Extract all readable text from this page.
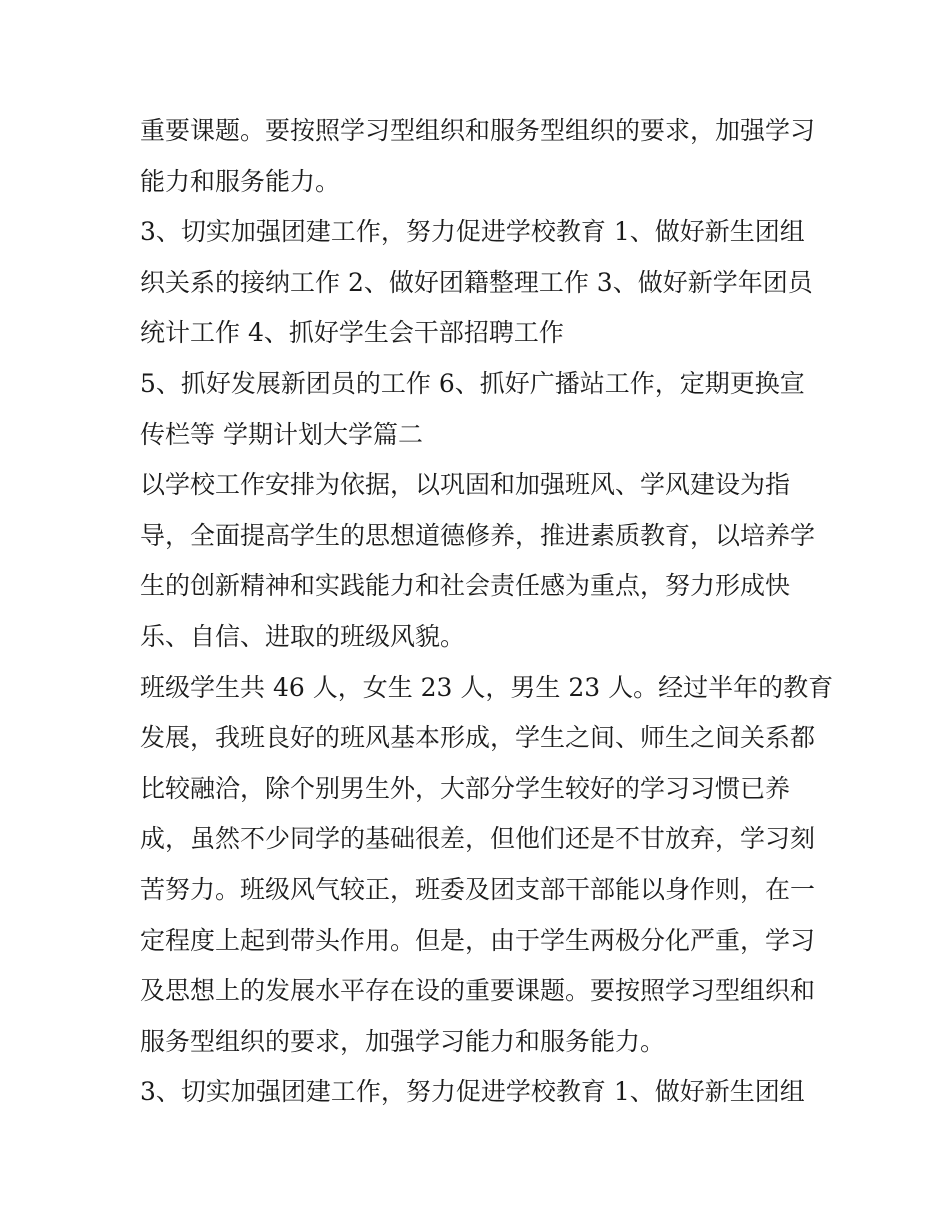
重要课题。要按照学习型组织和服务型组织的要求，加强学习
能力和服务能力。
3、切实加强团建工作，努力促进学校教育 1、做好新生团组
织关系的接纳工作 2、做好团籍整理工作 3、做好新学年团员
统计工作 4、抓好学生会干部招聘工作
5、抓好发展新团员的工作 6、抓好广播站工作，定期更换宣
传栏等 学期计划大学篇二
以学校工作安排为依据，以巩固和加强班风、学风建设为指
导，全面提高学生的思想道德修养，推进素质教育，以培养学
生的创新精神和实践能力和社会责任感为重点，努力形成快
乐、自信、进取的班级风貌。
班级学生共 46 人，女生 23 人，男生 23 人。经过半年的教育
发展，我班良好的班风基本形成，学生之间、师生之间关系都
比较融洽，除个别男生外，大部分学生较好的学习习惯已养
成，虽然不少同学的基础很差，但他们还是不甘放弃，学习刻
苦努力。班级风气较正，班委及团支部干部能以身作则，在一
定程度上起到带头作用。但是，由于学生两极分化严重，学习
及思想上的发展水平存在设的重要课题。要按照学习型组织和
服务型组织的要求，加强学习能力和服务能力。
3、切实加强团建工作，努力促进学校教育 1、做好新生团组
